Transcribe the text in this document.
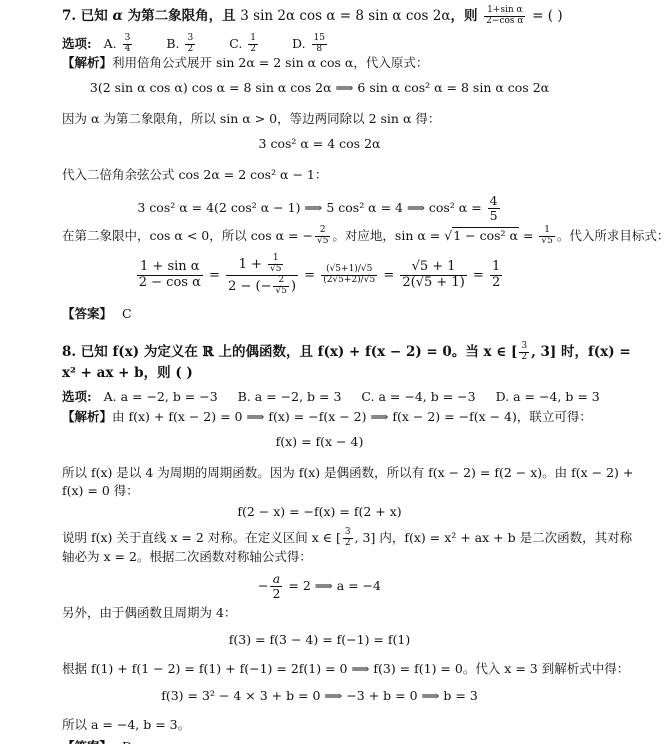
7. 已知 α 为第二象限角，且 3 sin 2α cos α = 8 sin α cos 2α，则 $\frac{\text{1+sin α}}{\text{2−cos α}}$ = ( )
选项: A. $\frac{3}{4}$	B. $\frac{3}{2}$	C. $\frac{1}{2}$	D. $\frac{15}{8}$
【解析】利用倍角公式展开 sin 2α = 2 sin α cos α，代入原式：
3(2 sin α cos α) cos α = 8 sin α cos 2α ⟹ 6 sin α cos² α = 8 sin α cos 2α
因为 α 为第二象限角，所以 sin α > 0，等边两同除以 2 sin α 得：
3 cos² α = 4 cos 2α
代入二倍角余弦公式 cos 2α = 2 cos² α − 1：
3 cos² α = 4(2 cos² α − 1) ⟹ 5 cos² α = 4 ⟹ cos² $\alpha = \frac{4}{5}$
在第二象限中，cos α < 0，所以 cos α = − $\frac{2}{√5}$ 。对应地，sin α = √1 − cos² $\alpha = \frac{1}{√5}$ 。代入所求目标式：
$\frac{\text{1 + sin α}}{\text{2 − cos α}} = \frac{1 + \frac{1}{√5}}{2 - (- \frac{2}{√5} )} = \frac{(√5+1)/√5}{(2√5+2)/√5} = \frac{√5 + 1}{2(√5 + 1)} = \frac{1}{2}$
【答案】 C
8. 已知 f(x) 为定义在 ℝ 上的偶函数，且 f(x) + f(x − 2) = 0。当 x ∈ [ $\frac{3}{2}$ , 3] 时，f(x) =
x² + ax + b，则 ( )
选项: A. a = −2, b = −3 B. a = −2, b = 3 C. a = −4, b = −3 D. a = −4, b = 3
【解析】由 f(x) + f(x − 2) = 0 ⟹ f(x) = −f(x − 2) ⟹ f(x − 2) = −f(x − 4)，联立可得：
f(x) = f(x − 4)
所以 f(x) 是以 4 为周期的周期函数。因为 f(x) 是偶函数，所以有 f(x − 2) = f(2 − x)。由 f(x − 2) +
f(x) = 0 得：
f(2 − x) = −f(x) = f(2 + x)
说明 f(x) 关于直线 x = 2 对称。在定义区间 x ∈ [ $\frac{3}{2}$ , 3] 内，f(x) = x² + ax + b 是二次函数，其对称
轴必为 x = 2。根据二次函数对称轴公式得：
− $\frac{a}{2} = 2$ ⟹ a = −4
另外，由于偶函数且周期为 4：
f(3) = f(3 − 4) = f(−1) = f(1)
根据 f(1) + f(1 − 2) = f(1) + f(−1) = 2f(1) = 0 ⟹ f(3) = f(1) = 0。代入 x = 3 到解析式中得：
f(3) = 3² − 4 × 3 + b = 0 ⟹ −3 + b = 0 ⟹ b = 3
所以 a = −4, b = 3。
